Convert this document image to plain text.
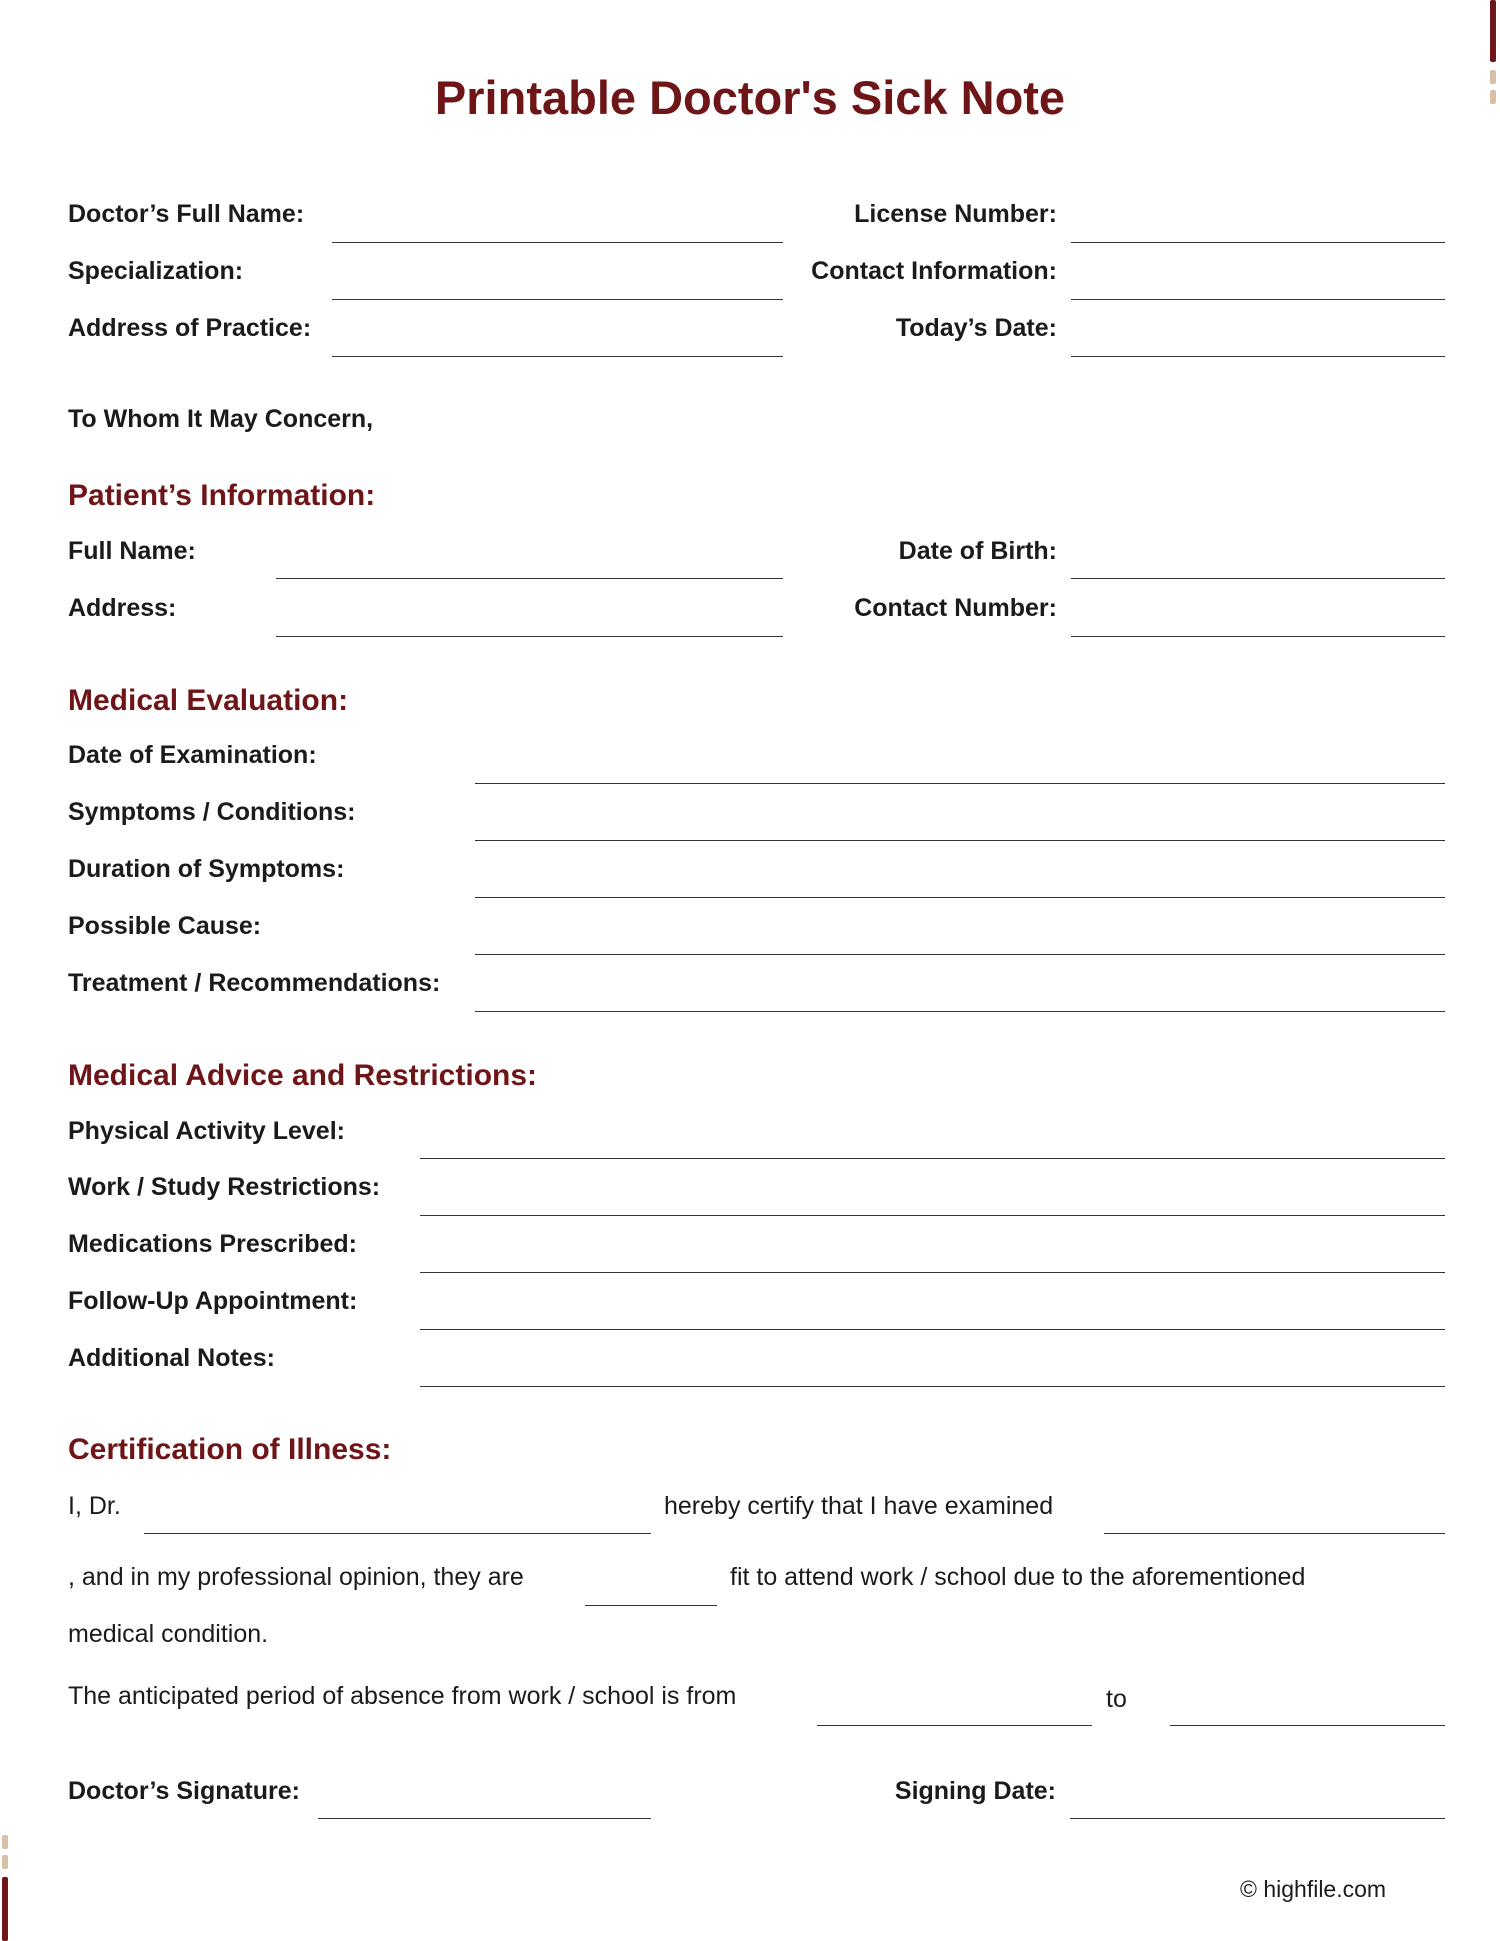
Printable Doctor's Sick Note
Doctor’s Full Name:	License Number:
Specialization:	Contact Information:
Address of Practice:	Today’s Date:
To Whom It May Concern,
Patient’s Information:
Full Name:	Date of Birth:
Address:	Contact Number:
Medical Evaluation:
Date of Examination:
Symptoms / Conditions:
Duration of Symptoms:
Possible Cause:
Treatment / Recommendations:
Medical Advice and Restrictions:
Physical Activity Level:
Work / Study Restrictions:
Medications Prescribed:
Follow-Up Appointment:
Additional Notes:
Certification of Illness:
I, Dr.	hereby certify that I have examined
, and in my professional opinion, they are	fit to attend work / school due to the aforementioned
medical condition.
The anticipated period of absence from work / school is from	to
Doctor’s Signature:	Signing Date:
© highfile.com
